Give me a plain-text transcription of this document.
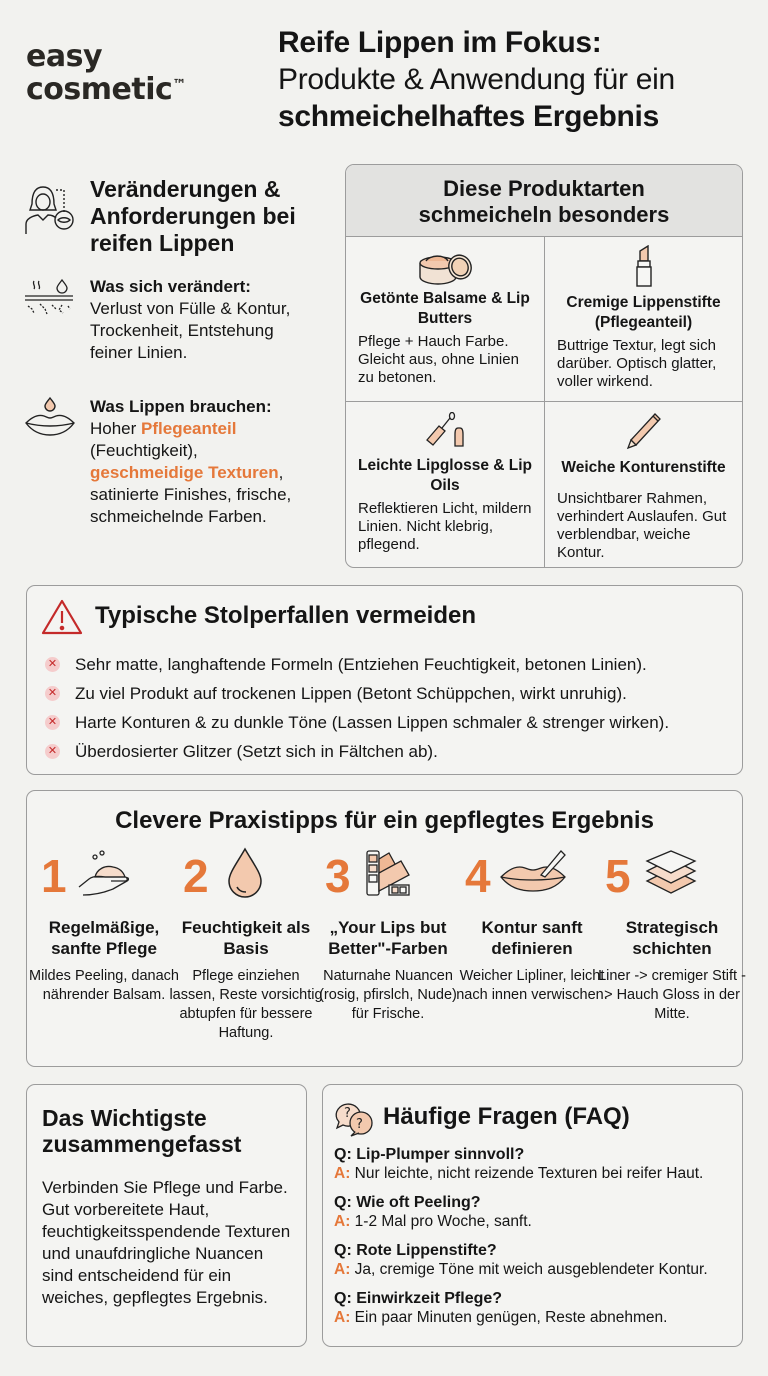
easy
cosmetic™
Reife Lippen im Fokus:
Produkte & Anwendung für ein
schmeichelhaftes Ergebnis
Veränderungen & Anforderungen bei reifen Lippen
Was sich verändert:
Verlust von Fülle & Kontur, Trockenheit, Entstehung feiner Linien.
Was Lippen brauchen:
Hoher Pflegeanteil
(Feuchtigkeit),
geschmeidige Texturen, satinierte Finishes, frische, schmeichelnde Farben.
Diese Produktarten schmeicheln besonders
Getönte Balsame & Lip Butters
Pflege + Hauch Farbe. Gleicht aus, ohne Linien zu betonen.
Cremige Lippenstifte (Pflegeanteil)
Buttrige Textur, legt sich darüber. Optisch glatter, voller wirkend.
Leichte Lipglosse & Lip Oils
Reflektieren Licht, mildern Linien. Nicht klebrig, pflegend.
Weiche Konturenstifte
Unsichtbarer Rahmen, verhindert Auslaufen. Gut verblendbar, weiche Kontur.
Typische Stolperfallen vermeiden
✕ Sehr matte, langhaftende Formeln (Entziehen Feuchtigkeit, betonen Linien).
✕ Zu viel Produkt auf trockenen Lippen (Betont Schüppchen, wirkt unruhig).
✕ Harte Konturen & zu dunkle Töne (Lassen Lippen schmaler & strenger wirken).
✕ Überdosierter Glitzer (Setzt sich in Fältchen ab).
Clevere Praxistipps für ein gepflegtes Ergebnis
1
Regelmäßige, sanfte Pflege
Mildes Peeling, danach nährender Balsam.
2
Feuchtigkeit als Basis
Pflege einziehen lassen, Reste vorsichtig abtupfen für bessere Haftung.
3
„Your Lips but Better"-Farben
Naturnahe Nuancen (rosig, pfirslch, Nude) für Frische.
4
Kontur sanft definieren
Weicher Lipliner, leicht nach innen verwischen.
5
Strategisch schichten
Liner -> cremiger Stift -> Hauch Gloss in der Mitte.
Das Wichtigste zusammengefasst
Verbinden Sie Pflege und Farbe. Gut vorbereitete Haut, feuchtigkeitsspendende Texturen und unaufdringliche Nuancen sind entscheidend für ein weiches, gepflegtes Ergebnis.
?
? Häufige Fragen (FAQ)
Q: Lip-Plumper sinnvoll?
A: Nur leichte, nicht reizende Texturen bei reifer Haut.
Q: Wie oft Peeling?
A: 1-2 Mal pro Woche, sanft.
Q: Rote Lippenstifte?
A: Ja, cremige Töne mit weich ausgeblendeter Kontur.
Q: Einwirkzeit Pflege?
A: Ein paar Minuten genügen, Reste abnehmen.
